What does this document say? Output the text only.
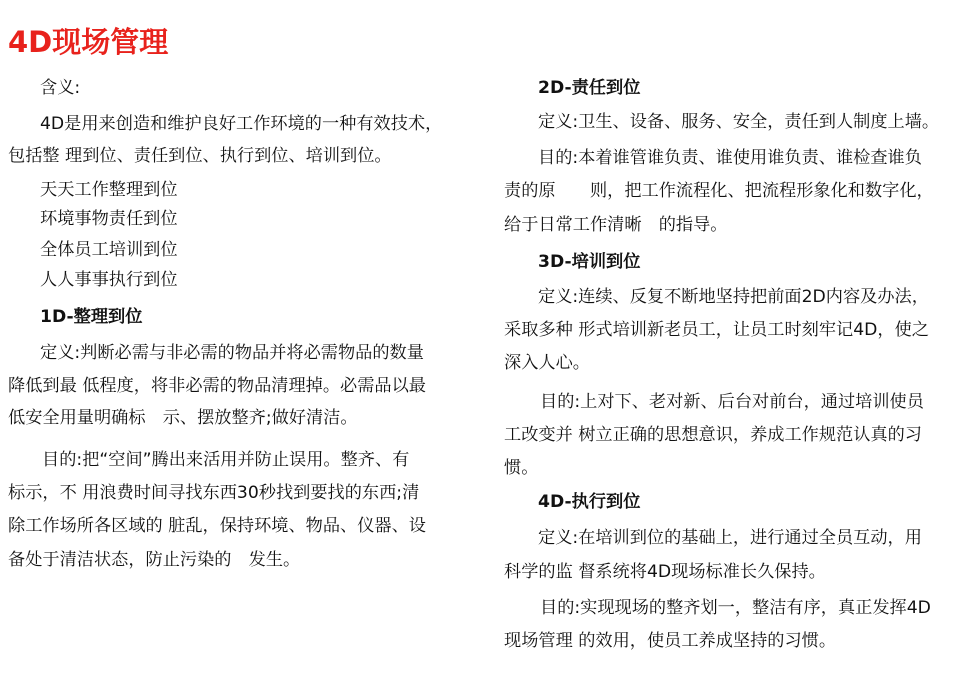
4D现场管理
含义:
4D是用来创造和维护良好工作环境的一种有效技术，
包括整 理到位、责任到位、执行到位、培训到位。
天天工作整理到位
环境事物责任到位
全体员工培训到位
人人事事执行到位
1D-整理到位
定义:判断必需与非必需的物品并将必需物品的数量
降低到最 低程度，将非必需的物品清理掉。必需品以最
低安全用量明确标　示、摆放整齐;做好清洁。
目的:把“空间”腾出来活用并防止误用。整齐、有
标示，不 用浪费时间寻找东西30秒找到要找的东西;清
除工作场所各区域的 脏乱，保持环境、物品、仪器、设
备处于清洁状态，防止污染的　发生。
2D-责任到位
定义:卫生、设备、服务、安全，责任到人制度上墙。
目的:本着谁管谁负责、谁使用谁负责、谁检查谁负
责的原　　则，把工作流程化、把流程形象化和数字化，
给于日常工作清晰　的指导。
3D-培训到位
定义:连续、反复不断地坚持把前面2D内容及办法，
采取多种 形式培训新老员工，让员工时刻牢记4D，使之
深入人心。
目的:上对下、老对新、后台对前台，通过培训使员
工改变并 树立正确的思想意识，养成工作规范认真的习
惯。
4D-执行到位
定义:在培训到位的基础上，进行通过全员互动，用
科学的监 督系统将4D现场标准长久保持。
目的:实现现场的整齐划一，整洁有序，真正发挥4D
现场管理 的效用，使员工养成坚持的习惯。
